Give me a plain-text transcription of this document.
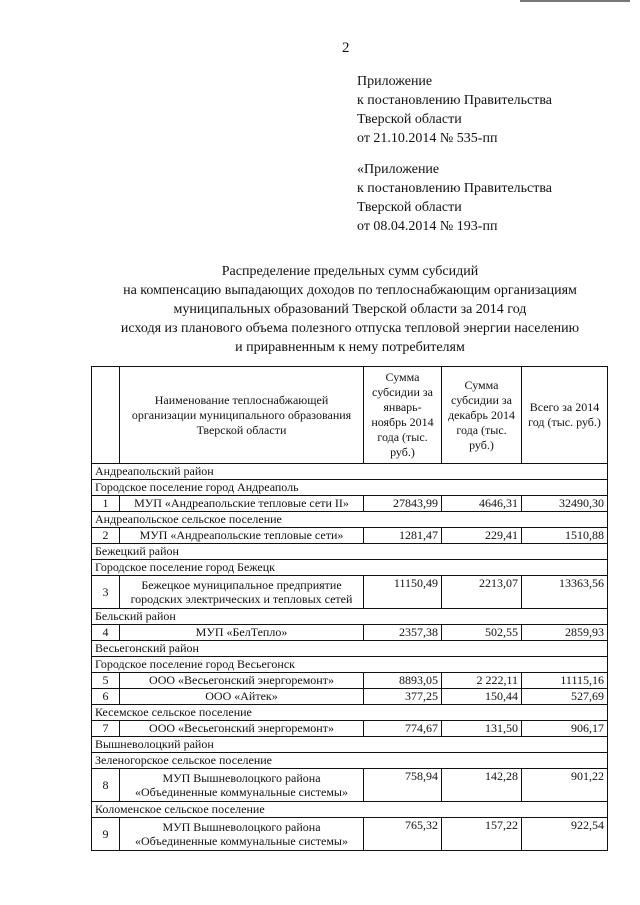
2
Приложение
к постановлению Правительства
Тверской области
от 21.10.2014 № 535-пп
«Приложение
к постановлению Правительства
Тверской области
от 08.04.2014 № 193-пп
Распределение предельных сумм субсидий
на компенсацию выпадающих доходов по теплоснабжающим организациям
муниципальных образований Тверской области за 2014 год
исходя из планового объема полезного отпуска тепловой энергии населению
и приравненным к нему потребителям
	Наименование теплоснабжающей организации муниципального образования Тверской области	Сумма субсидии за январь-ноябрь 2014 года (тыс. руб.)	Сумма субсидии за декабрь 2014 года (тыс. руб.)	Всего за 2014 год (тыс. руб.)
Андреапольский район				
Городское поселение город Андреаполь				
1	МУП «Андреапольские тепловые сети II»	27843,99	4646,31	32490,30
Андреапольское сельское поселение				
2	МУП «Андреапольские тепловые сети»	1281,47	229,41	1510,88
Бежецкий район				
Городское поселение город Бежецк				
3	Бежецкое муниципальное предприятие городских электрических и тепловых сетей	11150,49	2213,07	13363,56
Бельский район				
4	МУП «БелТепло»	2357,38	502,55	2859,93
Весьегонский район				
Городское поселение город Весьегонск				
5	ООО «Весьегонский энергоремонт»	8893,05	2 222,11	11115,16
6	ООО «Айтек»	377,25	150,44	527,69
Кесемское сельское поселение				
7	ООО «Весьегонский энергоремонт»	774,67	131,50	906,17
Вышневолоцкий район				
Зеленогорское сельское поселение				
8	МУП Вышневолоцкого района «Объединенные коммунальные системы»	758,94	142,28	901,22
Коломенское сельское поселение				
9	МУП Вышневолоцкого района «Объединенные коммунальные системы»	765,32	157,22	922,54
